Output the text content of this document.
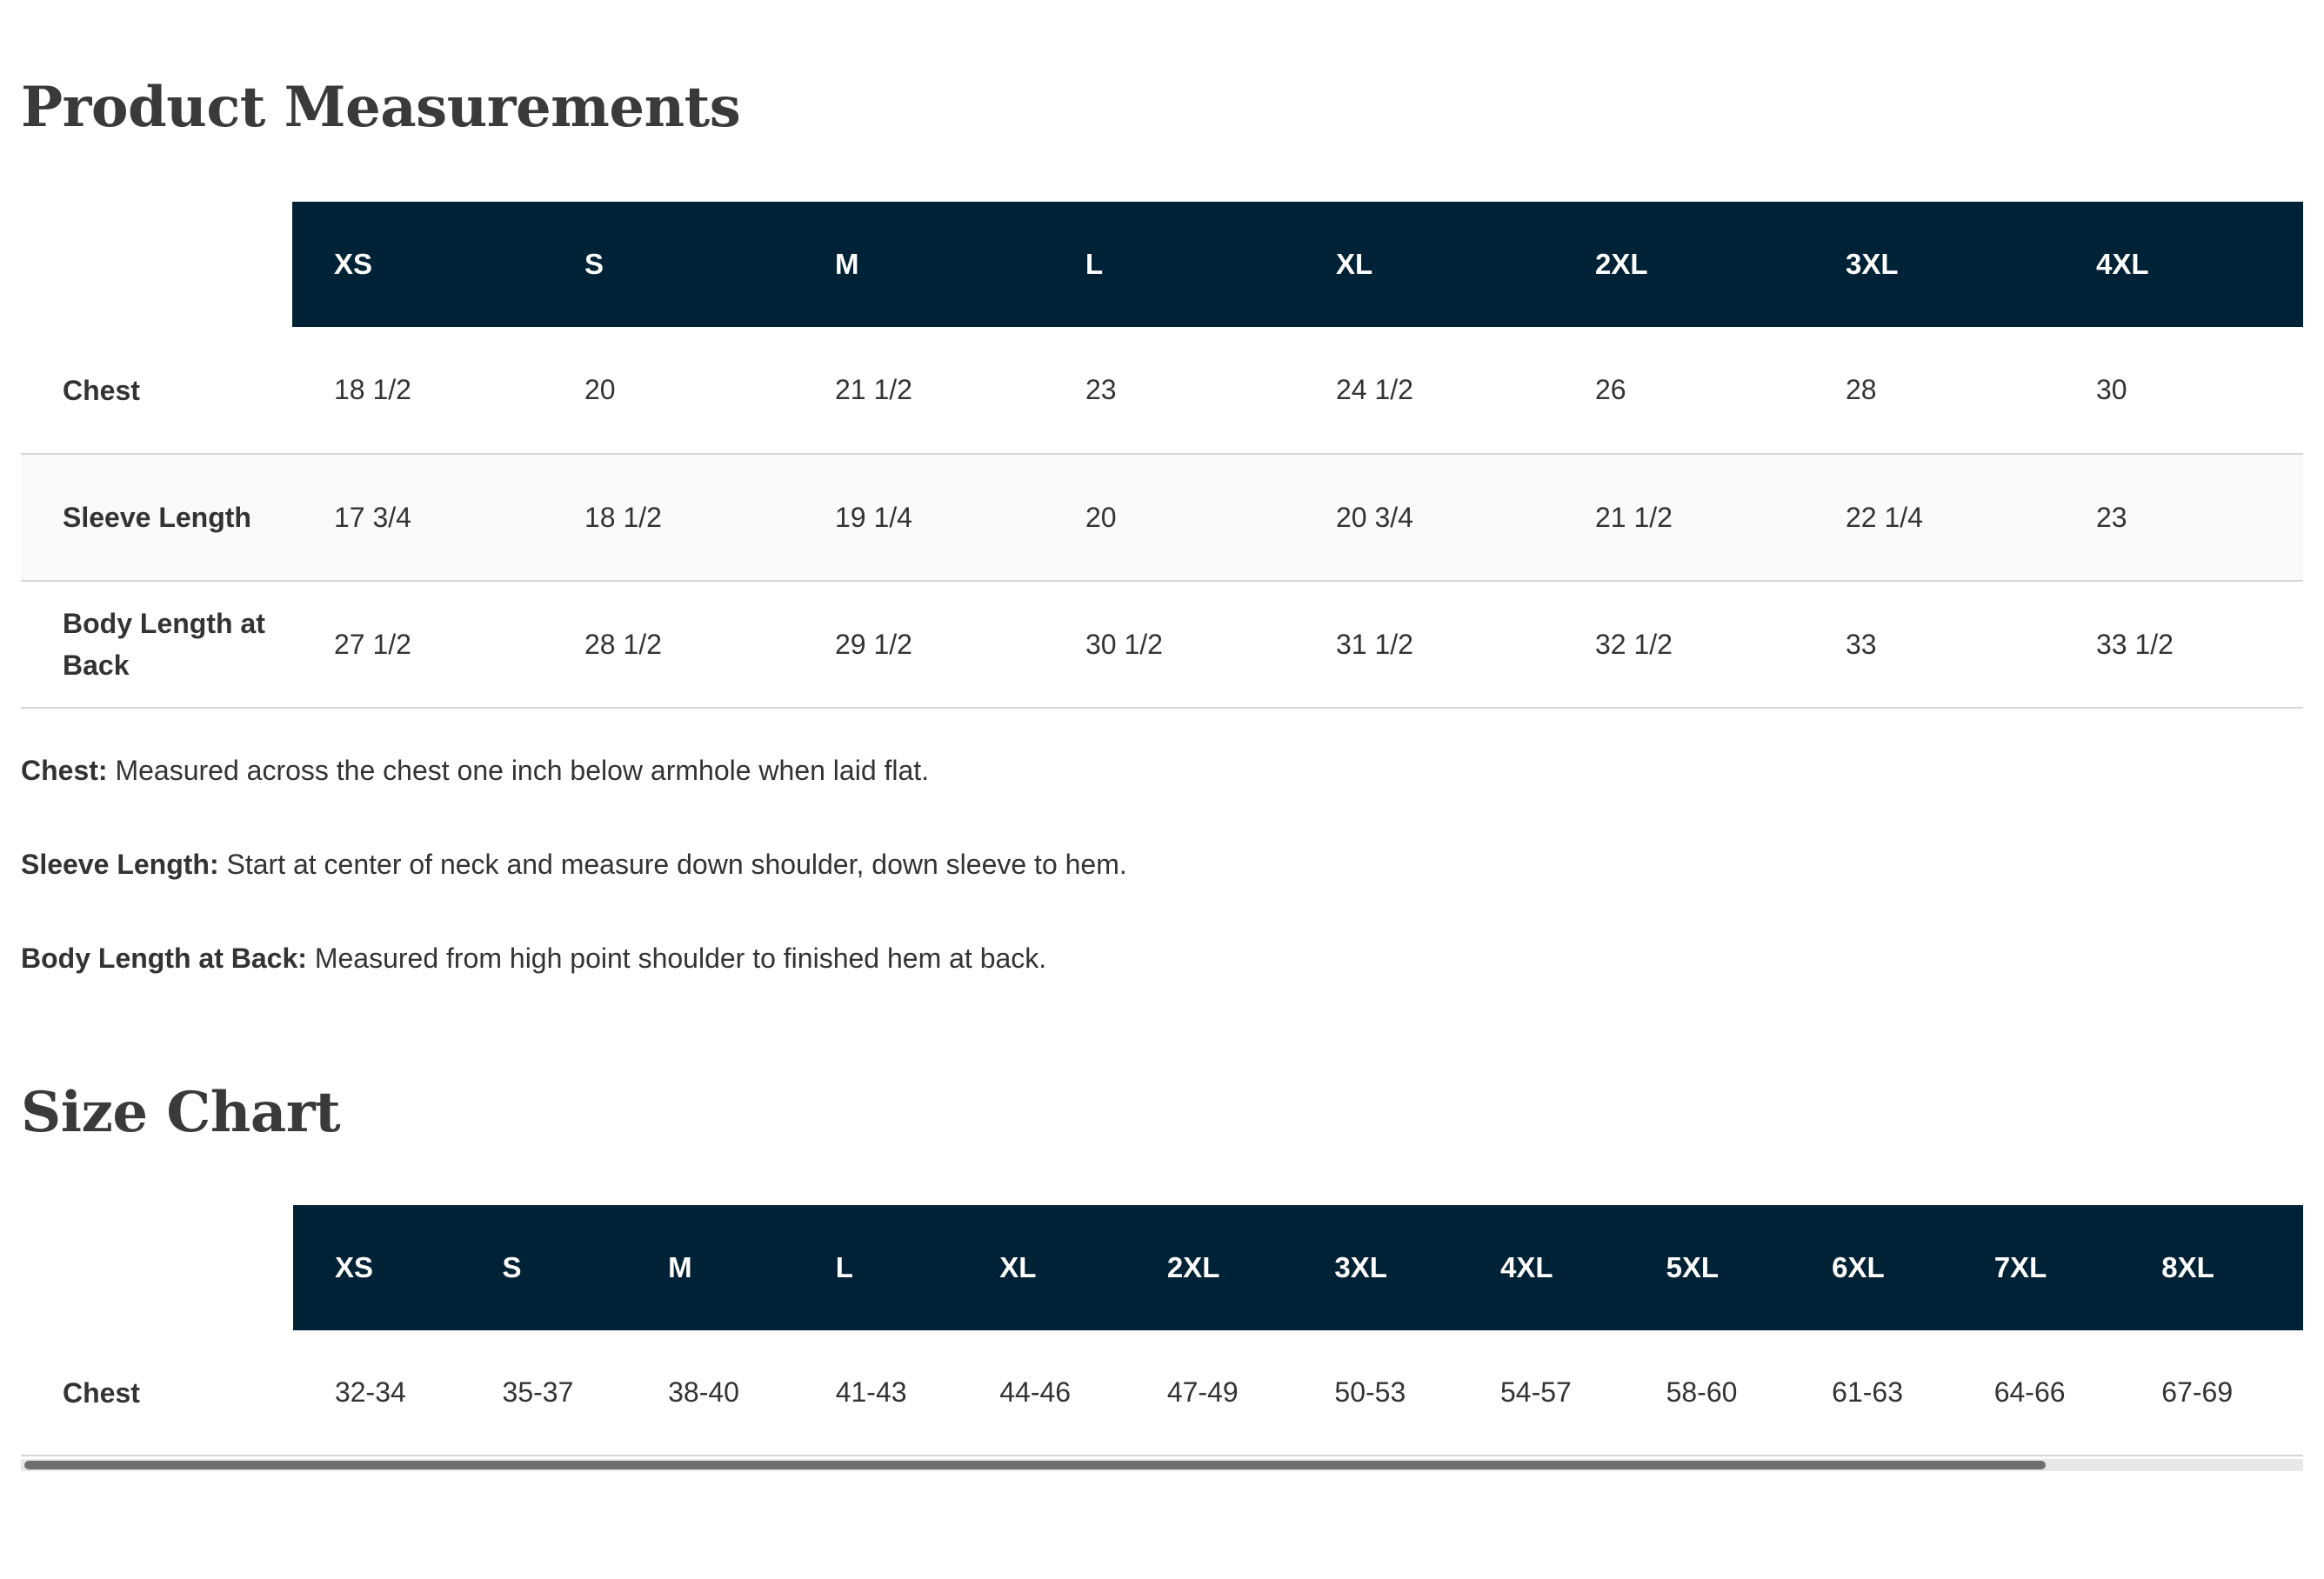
Product Measurements
	XS	S	M	L	XL	2XL	3XL	4XL
Chest	18 1/2	20	21 1/2	23	24 1/2	26	28	30
Sleeve Length	17 3/4	18 1/2	19 1/4	20	20 3/4	21 1/2	22 1/4	23
Body Length at Back	27 1/2	28 1/2	29 1/2	30 1/2	31 1/2	32 1/2	33	33 1/2

Chest: Measured across the chest one inch below armhole when laid flat.

Sleeve Length: Start at center of neck and measure down shoulder, down sleeve to hem.

Body Length at Back: Measured from high point shoulder to finished hem at back.

Size Chart
	XS	S	M	L	XL	2XL	3XL	4XL	5XL	6XL	7XL	8XL
Chest	32-34	35-37	38-40	41-43	44-46	47-49	50-53	54-57	58-60	61-63	64-66	67-69
